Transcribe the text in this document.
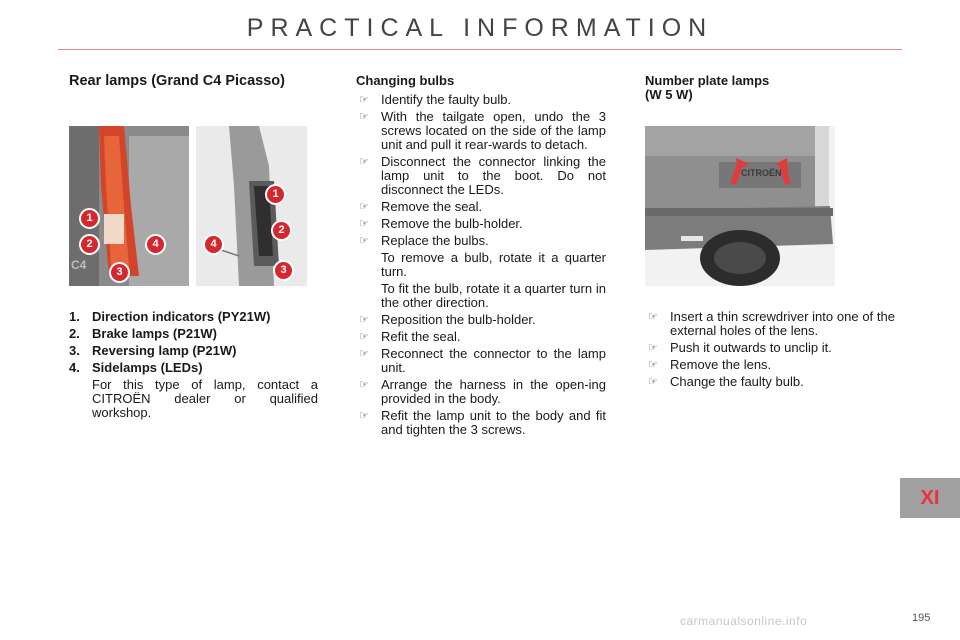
PRACTICAL INFORMATION

Rear lamps (Grand C4 Picasso)

C4
1
2
3
4
1
2
3
4
1. Direction indicators (PY21W)
2. Brake lamps (P21W)
3. Reversing lamp (P21W)
4. Sidelamps (LEDs)
For this type of lamp, contact a CITROËN dealer or qualified workshop.

Changing bulbs

☞ Identify the faulty bulb.
☞ With the tailgate open, undo the 3 screws located on the side of the lamp unit and pull it rear-wards to detach.
☞ Disconnect the connector linking the lamp unit to the boot. Do not disconnect the LEDs.
☞ Remove the seal.
☞ Remove the bulb-holder.
☞ Replace the bulbs.

To remove a bulb, rotate it a quarter turn.

To fit the bulb, rotate it a quarter turn in the other direction.

☞ Reposition the bulb-holder.
☞ Refit the seal.
☞ Reconnect the connector to the lamp unit.
☞ Arrange the harness in the open-ing provided in the body.
☞ Refit the lamp unit to the body and fit and tighten the 3 screws.

Number plate lamps

(W 5 W)

CITROËN
☞ Insert a thin screwdriver into one of the external holes of the lens.
☞ Push it outwards to unclip it.
☞ Remove the lens.
☞ Change the faulty bulb.
XI
carmanualsonline.info	195
